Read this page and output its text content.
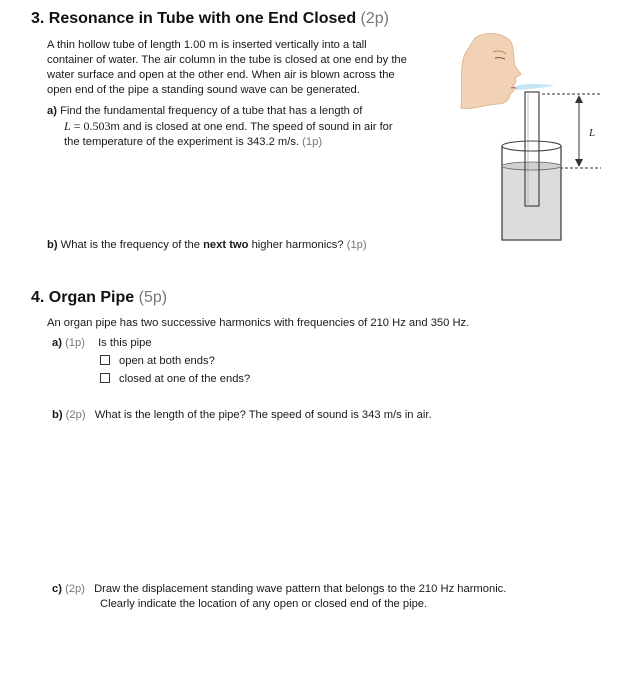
3. Resonance in Tube with one End Closed (2p)
A thin hollow tube of length 1.00 m is inserted vertically into a tall
container of water. The air column in the tube is closed at one end by the
water surface and open at the other end. When air is blown across the
open end of the pipe a standing sound wave can be generated.
a) Find the fundamental frequency of a tube that has a length of
L = 0.503m and is closed at one end. The speed of sound in air for
the temperature of the experiment is 343.2 m/s. (1p)
b) What is the frequency of the next two higher harmonics? (1p)
L
4. Organ Pipe (5p)
An organ pipe has two successive harmonics with frequencies of 210 Hz and 350 Hz.
a) (1p) Is this pipe
open at both ends?
closed at one of the ends?
b) (2p) What is the length of the pipe? The speed of sound is 343 m/s in air.
c) (2p) Draw the displacement standing wave pattern that belongs to the 210 Hz harmonic.
Clearly indicate the location of any open or closed end of the pipe.
